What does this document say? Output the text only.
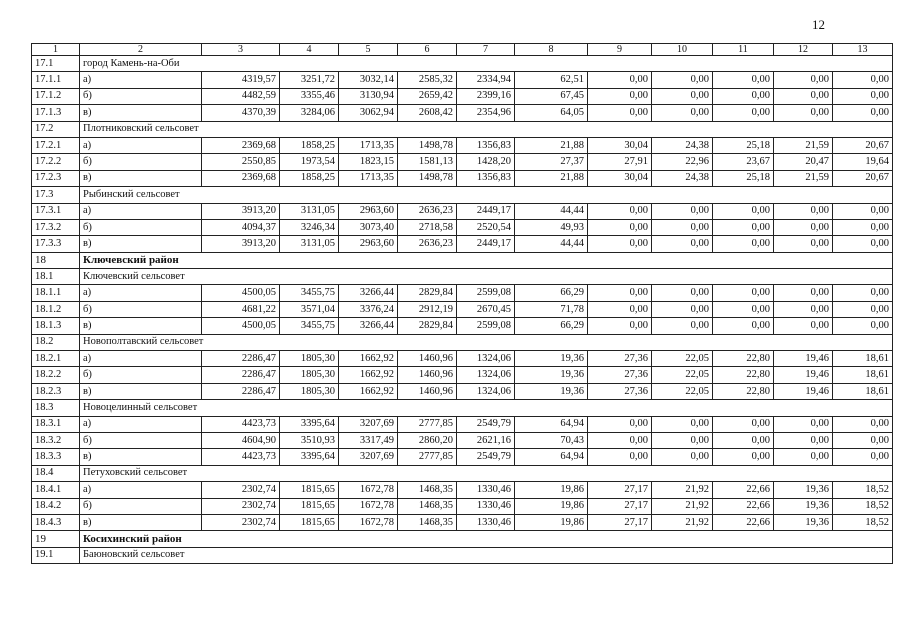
12
1	2	3	4	5	6	7	8	9	10	11	12	13
17.1	город Камень-на-Оби											
17.1.1	а)	4319,57	3251,72	3032,14	2585,32	2334,94	62,51	0,00	0,00	0,00	0,00	0,00
17.1.2	б)	4482,59	3355,46	3130,94	2659,42	2399,16	67,45	0,00	0,00	0,00	0,00	0,00
17.1.3	в)	4370,39	3284,06	3062,94	2608,42	2354,96	64,05	0,00	0,00	0,00	0,00	0,00
17.2	Плотниковский сельсовет											
17.2.1	а)	2369,68	1858,25	1713,35	1498,78	1356,83	21,88	30,04	24,38	25,18	21,59	20,67
17.2.2	б)	2550,85	1973,54	1823,15	1581,13	1428,20	27,37	27,91	22,96	23,67	20,47	19,64
17.2.3	в)	2369,68	1858,25	1713,35	1498,78	1356,83	21,88	30,04	24,38	25,18	21,59	20,67
17.3	Рыбинский сельсовет											
17.3.1	а)	3913,20	3131,05	2963,60	2636,23	2449,17	44,44	0,00	0,00	0,00	0,00	0,00
17.3.2	б)	4094,37	3246,34	3073,40	2718,58	2520,54	49,93	0,00	0,00	0,00	0,00	0,00
17.3.3	в)	3913,20	3131,05	2963,60	2636,23	2449,17	44,44	0,00	0,00	0,00	0,00	0,00
18	Ключевский район											
18.1	Ключевский сельсовет											
18.1.1	а)	4500,05	3455,75	3266,44	2829,84	2599,08	66,29	0,00	0,00	0,00	0,00	0,00
18.1.2	б)	4681,22	3571,04	3376,24	2912,19	2670,45	71,78	0,00	0,00	0,00	0,00	0,00
18.1.3	в)	4500,05	3455,75	3266,44	2829,84	2599,08	66,29	0,00	0,00	0,00	0,00	0,00
18.2	Новополтавский сельсовет											
18.2.1	а)	2286,47	1805,30	1662,92	1460,96	1324,06	19,36	27,36	22,05	22,80	19,46	18,61
18.2.2	б)	2286,47	1805,30	1662,92	1460,96	1324,06	19,36	27,36	22,05	22,80	19,46	18,61
18.2.3	в)	2286,47	1805,30	1662,92	1460,96	1324,06	19,36	27,36	22,05	22,80	19,46	18,61
18.3	Новоцелинный сельсовет											
18.3.1	а)	4423,73	3395,64	3207,69	2777,85	2549,79	64,94	0,00	0,00	0,00	0,00	0,00
18.3.2	б)	4604,90	3510,93	3317,49	2860,20	2621,16	70,43	0,00	0,00	0,00	0,00	0,00
18.3.3	в)	4423,73	3395,64	3207,69	2777,85	2549,79	64,94	0,00	0,00	0,00	0,00	0,00
18.4	Петуховский сельсовет											
18.4.1	а)	2302,74	1815,65	1672,78	1468,35	1330,46	19,86	27,17	21,92	22,66	19,36	18,52
18.4.2	б)	2302,74	1815,65	1672,78	1468,35	1330,46	19,86	27,17	21,92	22,66	19,36	18,52
18.4.3	в)	2302,74	1815,65	1672,78	1468,35	1330,46	19,86	27,17	21,92	22,66	19,36	18,52
19	Косихинский район											
19.1	Баюновский сельсовет											
